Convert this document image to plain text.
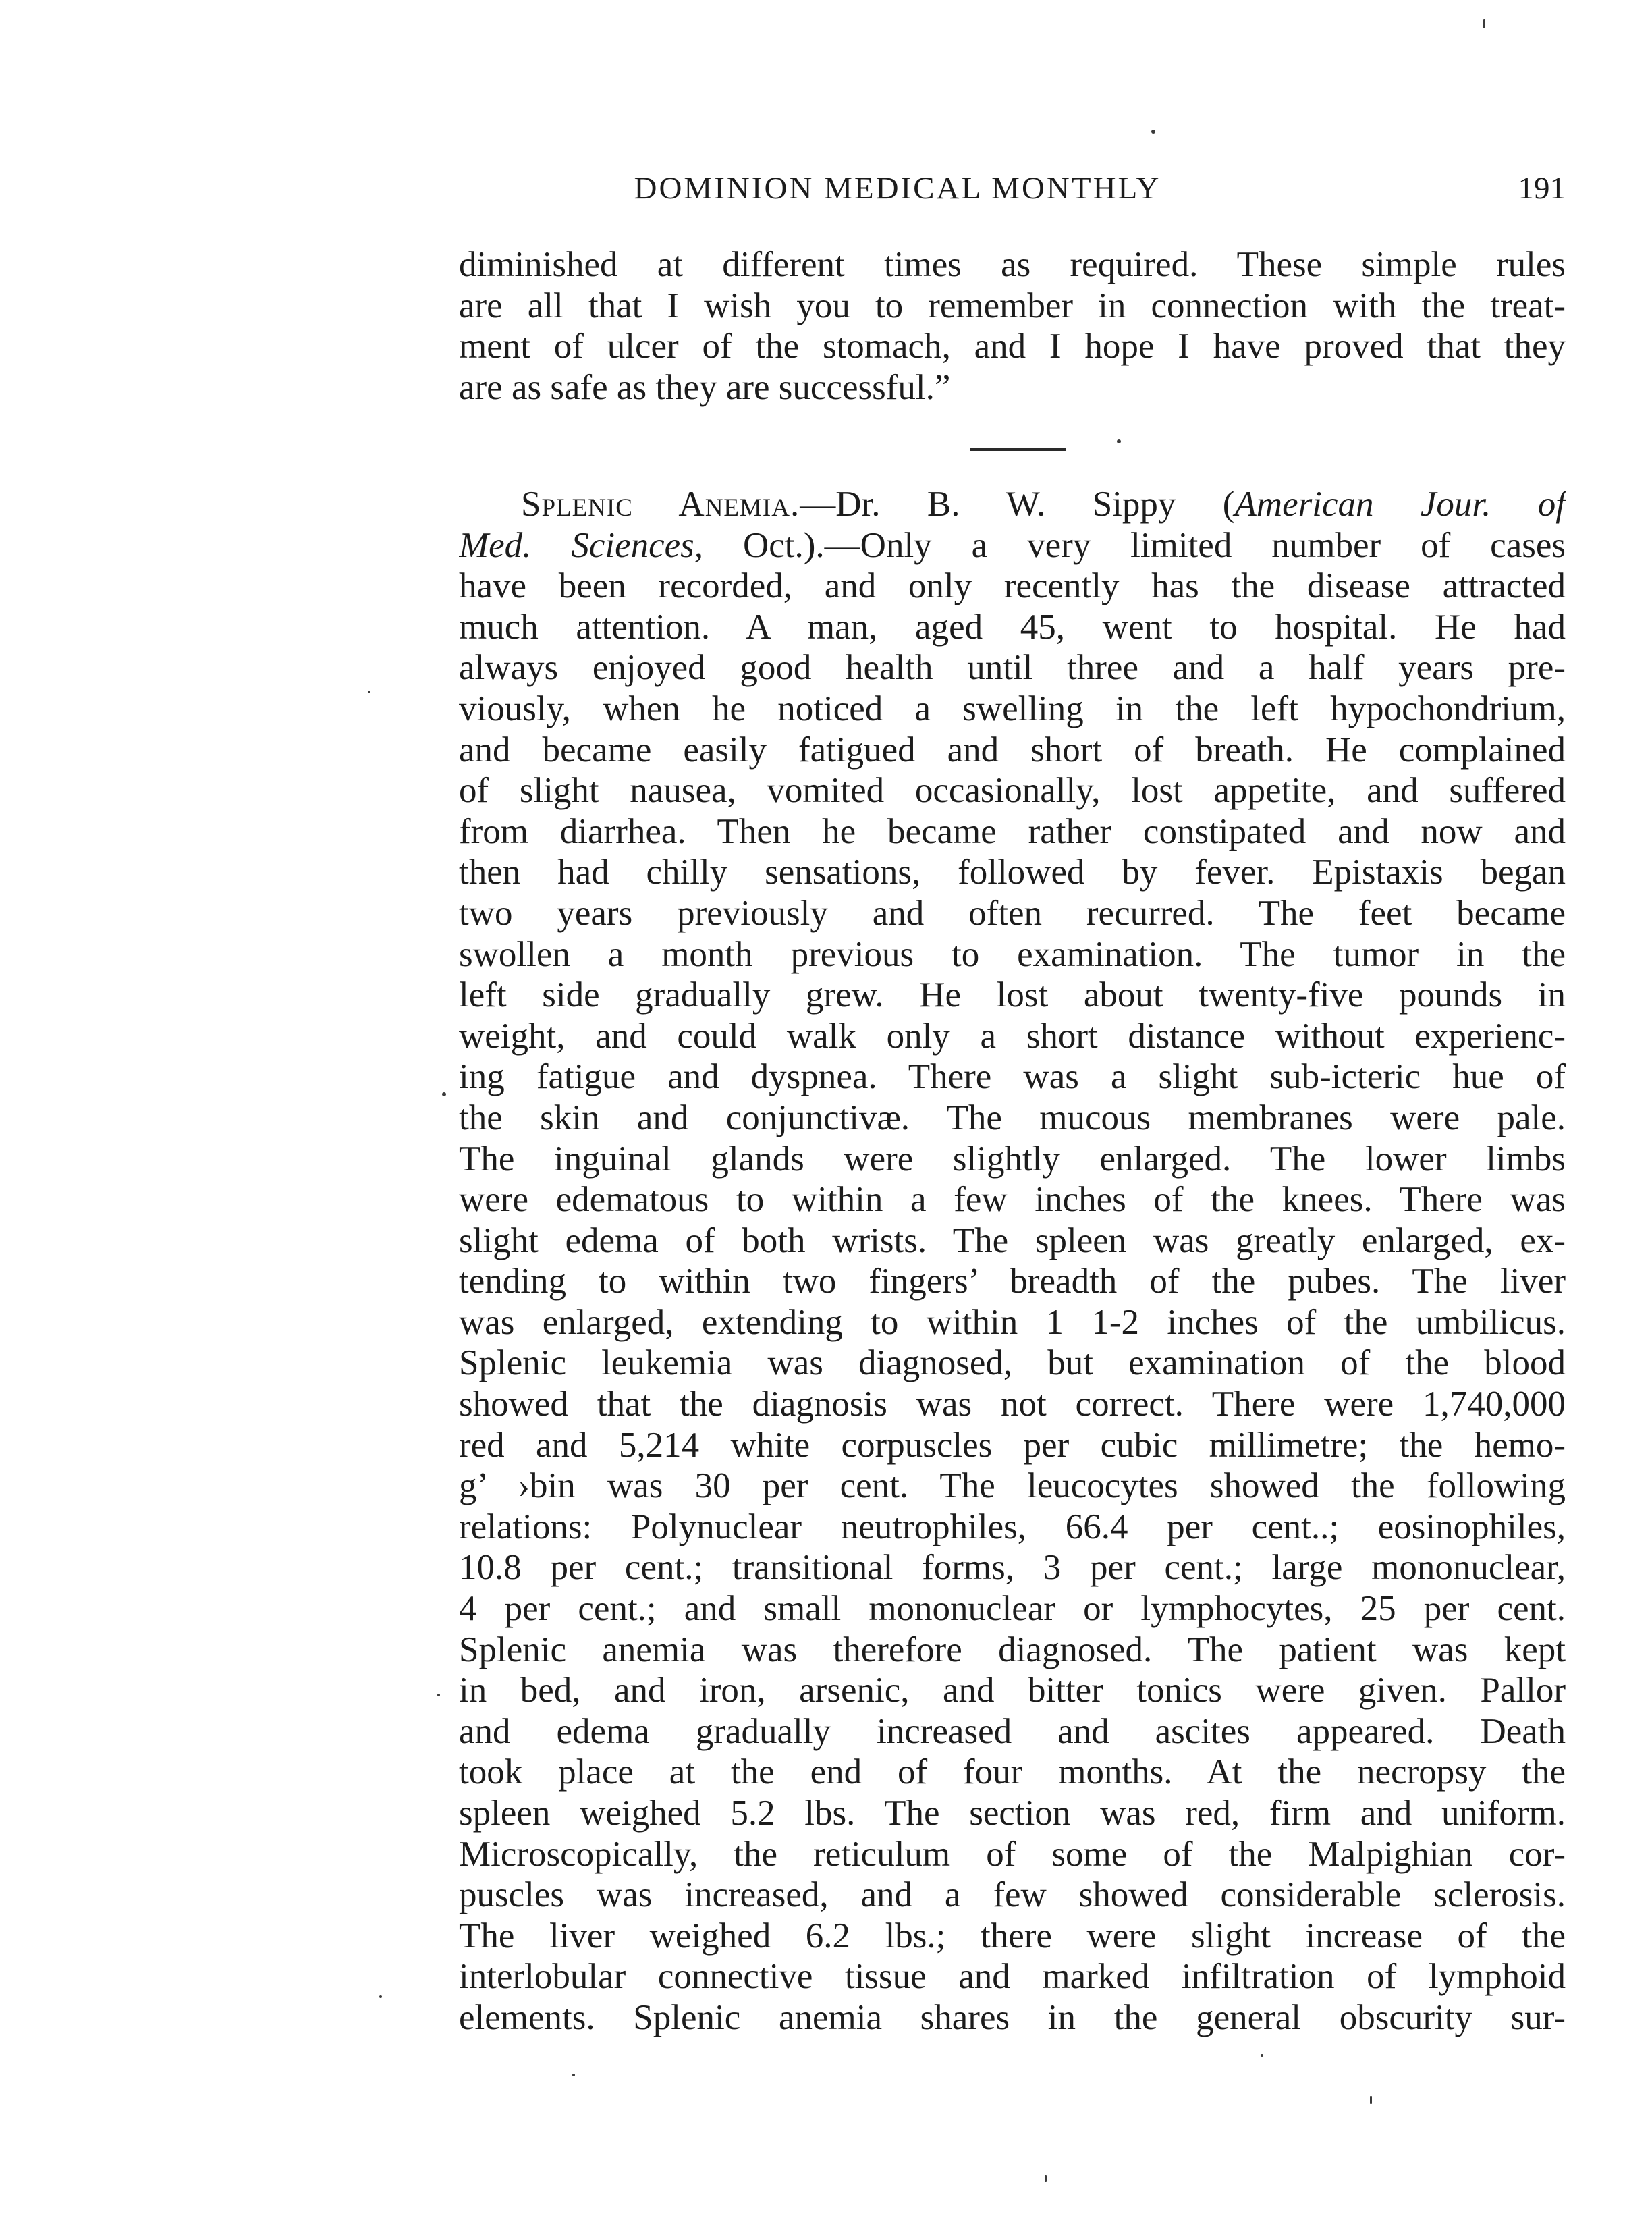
DOMINION MEDICAL MONTHLY	191
diminished at different times as required. These simple rules
are all that I wish you to remember in connection with the treat-
ment of ulcer of the stomach, and I hope I have proved that they
are as safe as they are successful.”
Splenic Anemia.—Dr. B. W. Sippy (American Jour. of
Med. Sciences, Oct.).—Only a very limited number of cases
have been recorded, and only recently has the disease attracted
much attention. A man, aged 45, went to hospital. He had
always enjoyed good health until three and a half years pre-
viously, when he noticed a swelling in the left hypochondrium,
and became easily fatigued and short of breath. He complained
of slight nausea, vomited occasionally, lost appetite, and suffered
from diarrhea. Then he became rather constipated and now and
then had chilly sensations, followed by fever. Epistaxis began
two years previously and often recurred. The feet became
swollen a month previous to examination. The tumor in the
left side gradually grew. He lost about twenty-five pounds in
weight, and could walk only a short distance without experienc-
ing fatigue and dyspnea. There was a slight sub-icteric hue of
the skin and conjunctivæ. The mucous membranes were pale.
The inguinal glands were slightly enlarged. The lower limbs
were edematous to within a few inches of the knees. There was
slight edema of both wrists. The spleen was greatly enlarged, ex-
tending to within two fingers’ breadth of the pubes. The liver
was enlarged, extending to within 1 1-2 inches of the umbilicus.
Splenic leukemia was diagnosed, but examination of the blood
showed that the diagnosis was not correct. There were 1,740,000
red and 5,214 white corpuscles per cubic millimetre; the hemo-
g’ ›bin was 30 per cent. The leucocytes showed the following
relations: Polynuclear neutrophiles, 66.4 per cent..; eosinophiles,
10.8 per cent.; transitional forms, 3 per cent.; large mononuclear,
4 per cent.; and small mononuclear or lymphocytes, 25 per cent.
Splenic anemia was therefore diagnosed. The patient was kept
in bed, and iron, arsenic, and bitter tonics were given. Pallor
and edema gradually increased and ascites appeared. Death
took place at the end of four months. At the necropsy the
spleen weighed 5.2 lbs. The section was red, firm and uniform.
Microscopically, the reticulum of some of the Malpighian cor-
puscles was increased, and a few showed considerable sclerosis.
The liver weighed 6.2 lbs.; there were slight increase of the
interlobular connective tissue and marked infiltration of lymphoid
elements. Splenic anemia shares in the general obscurity sur-
